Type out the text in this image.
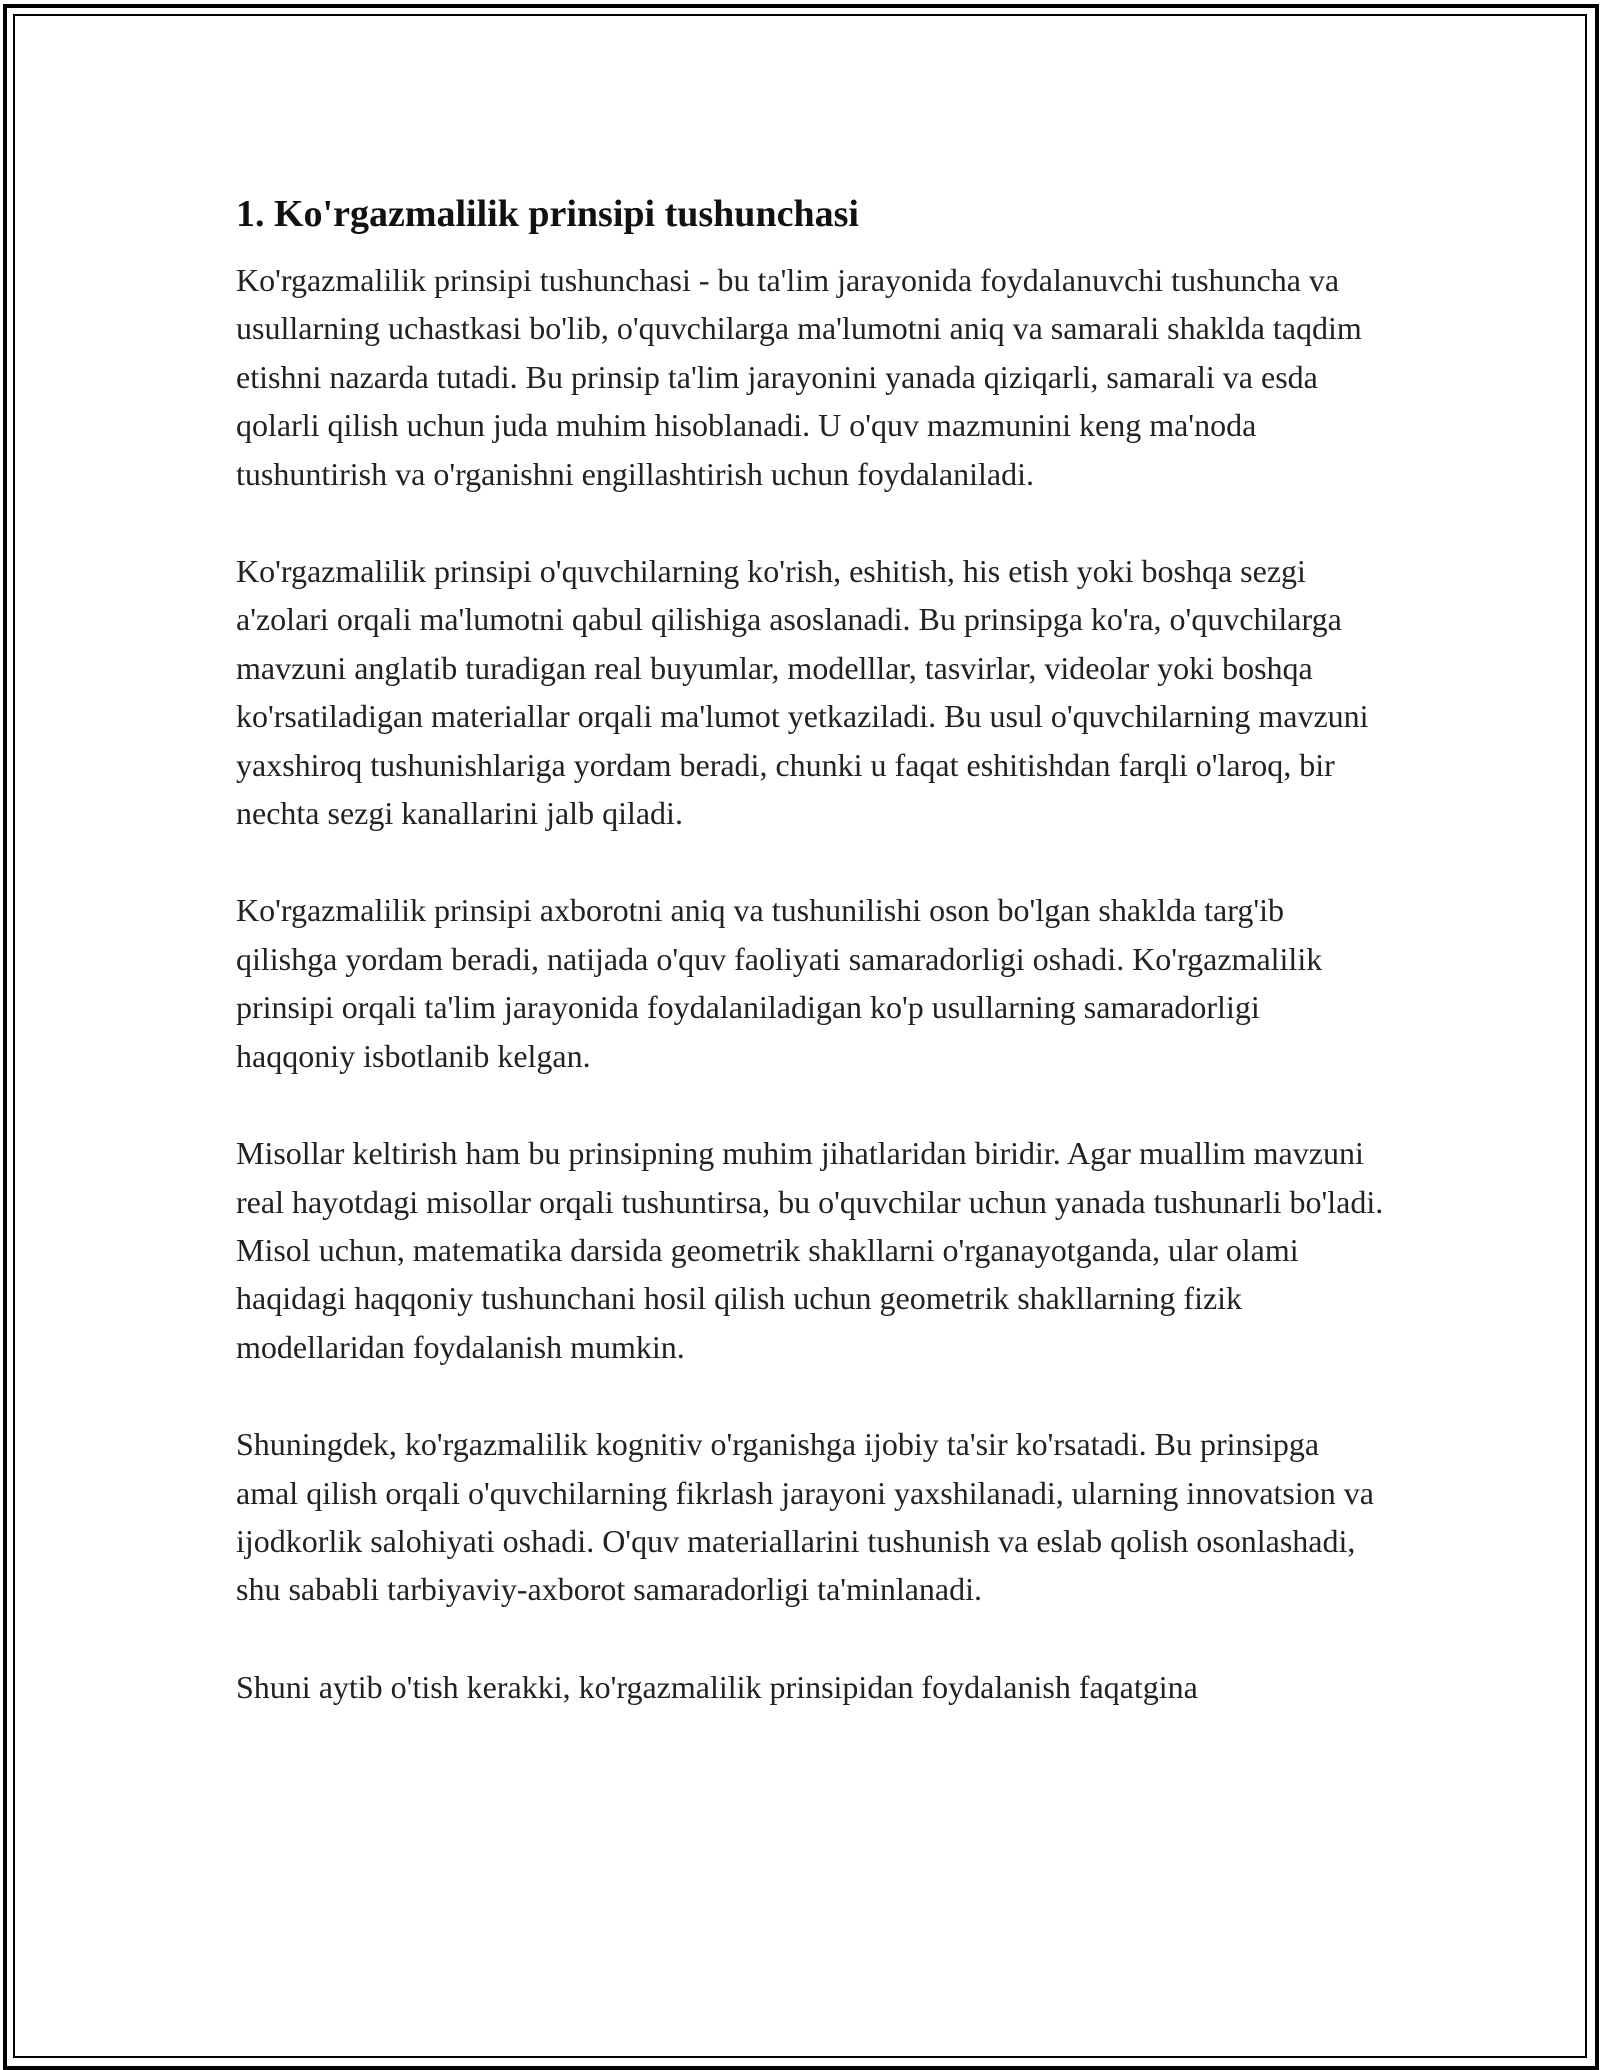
1. Ko'rgazmalilik prinsipi tushunchasi

Ko'rgazmalilik prinsipi tushunchasi - bu ta'lim jarayonida foydalanuvchi tushuncha va usullarning uchastkasi bo'lib, o'quvchilarga ma'lumotni aniq va samarali shaklda taqdim etishni nazarda tutadi. Bu prinsip ta'lim jarayonini yanada qiziqarli, samarali va esda qolarli qilish uchun juda muhim hisoblanadi. U o'quv mazmunini keng ma'noda tushuntirish va o'rganishni engillashtirish uchun foydalaniladi.

Ko'rgazmalilik prinsipi o'quvchilarning ko'rish, eshitish, his etish yoki boshqa sezgi a'zolari orqali ma'lumotni qabul qilishiga asoslanadi. Bu prinsipga ko'ra, o'quvchilarga mavzuni anglatib turadigan real buyumlar, modelllar, tasvirlar, videolar yoki boshqa ko'rsatiladigan materiallar orqali ma'lumot yetkaziladi. Bu usul o'quvchilarning mavzuni yaxshiroq tushunishlariga yordam beradi, chunki u faqat eshitishdan farqli o'laroq, bir nechta sezgi kanallarini jalb qiladi.

Ko'rgazmalilik prinsipi axborotni aniq va tushunilishi oson bo'lgan shaklda targ'ib qilishga yordam beradi, natijada o'quv faoliyati samaradorligi oshadi. Ko'rgazmalilik prinsipi orqali ta'lim jarayonida foydalaniladigan ko'p usullarning samaradorligi haqqoniy isbotlanib kelgan.

Misollar keltirish ham bu prinsipning muhim jihatlaridan biridir. Agar muallim mavzuni real hayotdagi misollar orqali tushuntirsa, bu o'quvchilar uchun yanada tushunarli bo'ladi. Misol uchun, matematika darsida geometrik shakllarni o'rganayotganda, ular olami haqidagi haqqoniy tushunchani hosil qilish uchun geometrik shakllarning fizik modellaridan foydalanish mumkin.

Shuningdek, ko'rgazmalilik kognitiv o'rganishga ijobiy ta'sir ko'rsatadi. Bu prinsipga amal qilish orqali o'quvchilarning fikrlash jarayoni yaxshilanadi, ularning innovatsion va ijodkorlik salohiyati oshadi. O'quv materiallarini tushunish va eslab qolish osonlashadi, shu sababli tarbiyaviy-axborot samaradorligi ta'minlanadi.

Shuni aytib o'tish kerakki, ko'rgazmalilik prinsipidan foydalanish faqatgina
